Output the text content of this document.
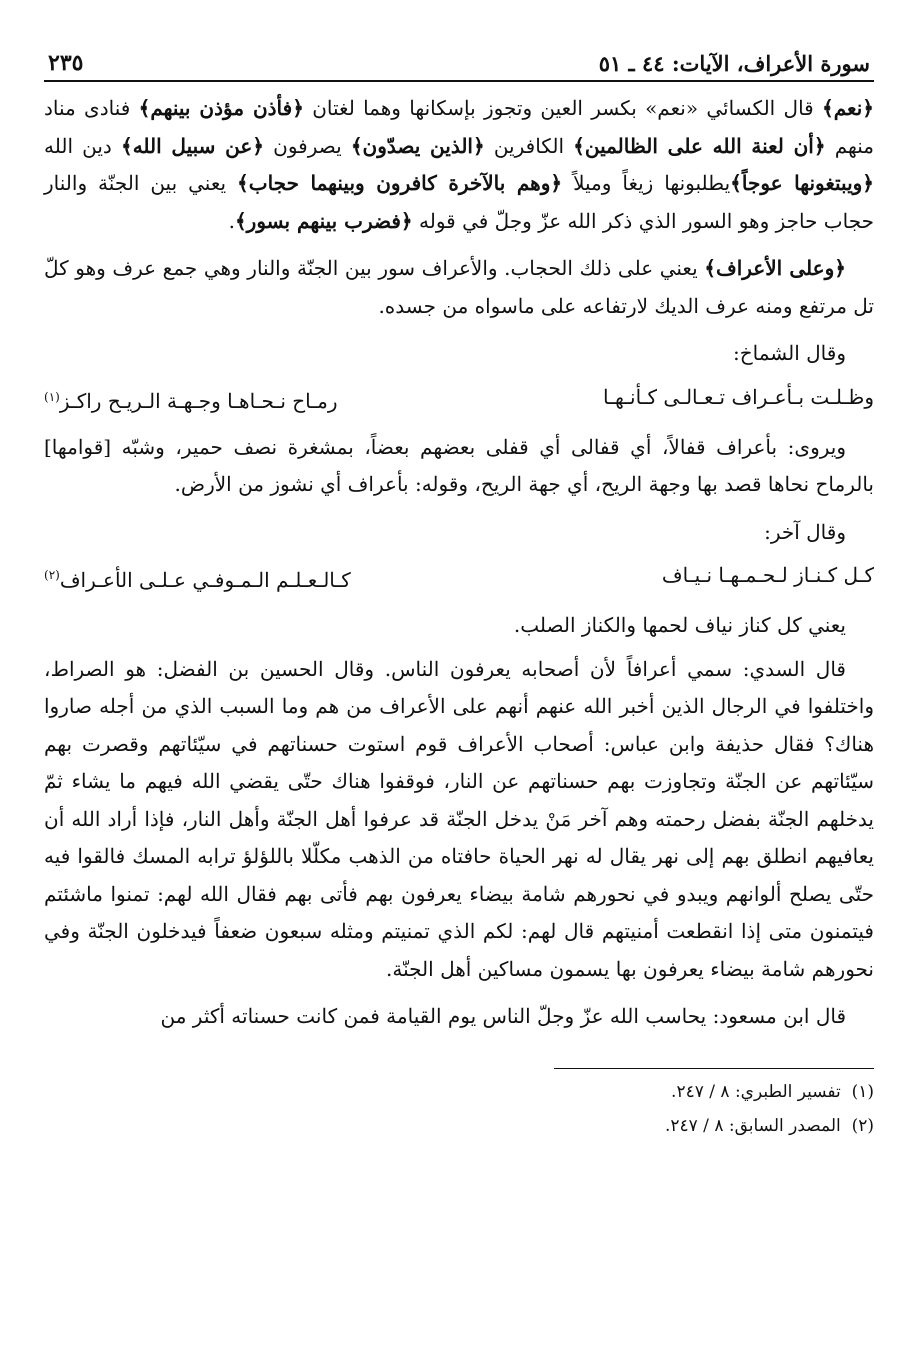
سورة الأعراف، الآيات: ٤٤ ـ ٥١
٢٣٥

﴿نعم﴾ قال الكسائي «نعم» بكسر العين وتجوز بإسكانها وهما لغتان ﴿فأذن مؤذن بينهم﴾ فنادى مناد منهم ﴿أن لعنة الله على الظالمين﴾ الكافرين ﴿الذين يصدّون﴾ يصرفون ﴿عن سبيل الله﴾ دين الله ﴿ويبتغونها عوجاً﴾يطلبونها زيغاً وميلاً ﴿وهم بالآخرة كافرون وبينهما حجاب﴾ يعني بين الجنّة والنار حجاب حاجز وهو السور الذي ذكر الله عزّ وجلّ في قوله ﴿فضرب بينهم بسور﴾.

﴿وعلى الأعراف﴾ يعني على ذلك الحجاب. والأعراف سور بين الجنّة والنار وهي جمع عرف وهو كلّ تل مرتفع ومنه عرف الديك لارتفاعه على ماسواه من جسده.

وقال الشماخ:
وظـلـت بـأعـراف تـعـالـى كـأنـهـا
رمـاح نـحـاهـا وجـهـة الـريـح راكـز$^{(١)}$

ويروى: بأعراف قفالاً، أي قفالى أي قفلى بعضهم بعضاً، بمشغرة نصف حمير، وشبّه [قوامها] بالرماح نحاها قصد بها وجهة الريح، أي جهة الريح، وقوله: بأعراف أي نشوز من الأرض.

وقال آخر:
كـل كـنـاز لـحـمـهـا نـيـاف
كـالـعـلـم الـمـوفـي عـلـى الأعـراف$^{(٢)}$
يعني كل كناز نياف لحمها والكناز الصلب.

قال السدي: سمي أعرافاً لأن أصحابه يعرفون الناس. وقال الحسين بن الفضل: هو الصراط، واختلفوا في الرجال الذين أخبر الله عنهم أنهم على الأعراف من هم وما السبب الذي من أجله صاروا هناك؟ فقال حذيفة وابن عباس: أصحاب الأعراف قوم استوت حسناتهم في سيّئاتهم وقصرت بهم سيّئاتهم عن الجنّة وتجاوزت بهم حسناتهم عن النار، فوقفوا هناك حتّى يقضي الله فيهم ما يشاء ثمّ يدخلهم الجنّة بفضل رحمته وهم آخر مَنْ يدخل الجنّة قد عرفوا أهل الجنّة وأهل النار، فإذا أراد الله أن يعافيهم انطلق بهم إلى نهر يقال له نهر الحياة حافتاه من الذهب مكلّلا باللؤلؤ ترابه المسك فالقوا فيه حتّى يصلح ألوانهم ويبدو في نحورهم شامة بيضاء يعرفون بهم فأتى بهم فقال الله لهم: تمنوا ماشئتم فيتمنون متى إذا انقطعت أمنيتهم قال لهم: لكم الذي تمنيتم ومثله سبعون ضعفاً فيدخلون الجنّة وفي نحورهم شامة بيضاء يعرفون بها يسمون مساكين أهل الجنّة.

قال ابن مسعود: يحاسب الله عزّ وجلّ الناس يوم القيامة فمن كانت حسناته أكثر من

(١)  تفسير الطبري: ٨ / ٢٤٧.
(٢)  المصدر السابق: ٨ / ٢٤٧.
